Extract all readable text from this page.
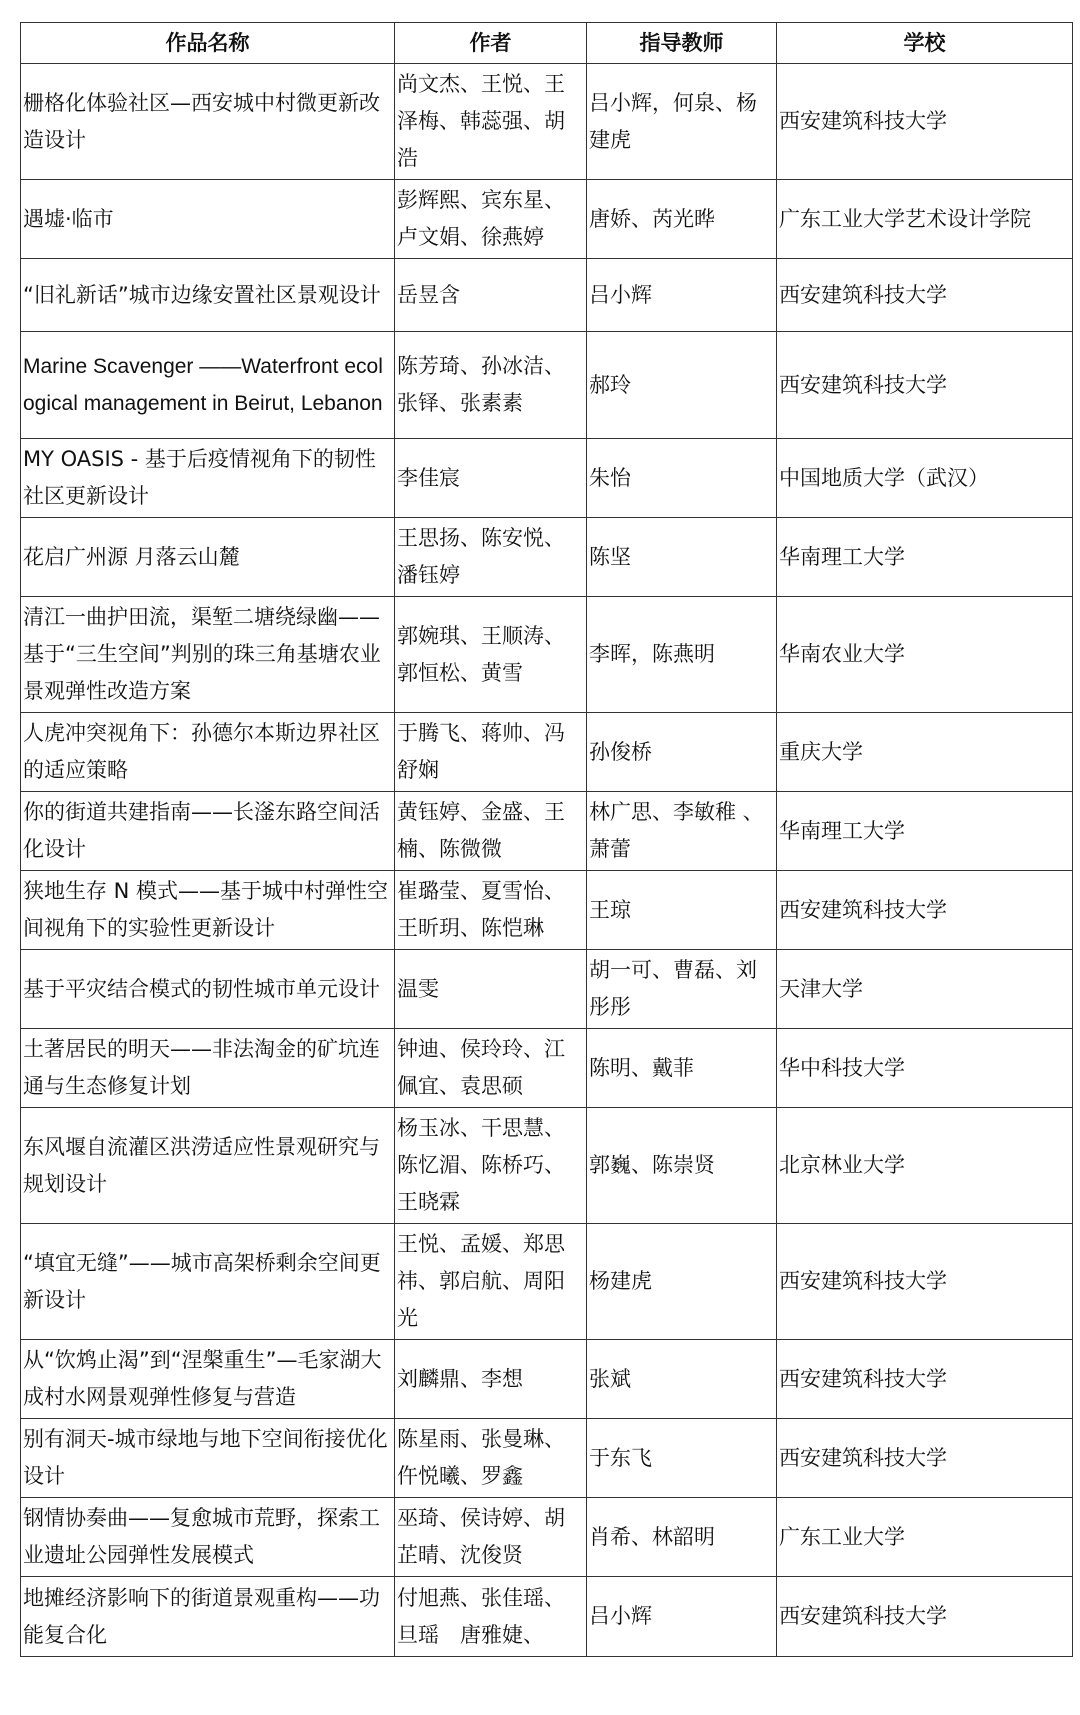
作品名称	作者	指导教师	学校
栅格化体验社区—西安城中村微更新改造设计	尚文杰、王悦、王泽梅、韩蕊强、胡浩	吕小辉，何泉、杨建虎	西安建筑科技大学
遇墟·临市	彭辉熙、宾东星、卢文娟、徐燕婷	唐娇、芮光晔	广东工业大学艺术设计学院
“旧礼新话”城市边缘安置社区景观设计	岳昱含	吕小辉	西安建筑科技大学
Marine Scavenger ——Waterfront ecological management in Beirut, Lebanon	陈芳琦、孙冰洁、张铎、张素素	郝玲	西安建筑科技大学
MY OASIS - 基于后疫情视角下的韧性社区更新设计	李佳宸	朱怡	中国地质大学（武汉）
花启广州源 月落云山麓	王思扬、陈安悦、潘钰婷	陈坚	华南理工大学
清江一曲护田流，渠堑二塘绕绿幽——基于“三生空间”判别的珠三角基塘农业景观弹性改造方案	郭婉琪、王顺涛、郭恒松、黄雪	李晖，陈燕明	华南农业大学
人虎冲突视角下：孙德尔本斯边界社区的适应策略	于腾飞、蒋帅、冯舒娴	孙俊桥	重庆大学
你的街道共建指南——长滏东路空间活化设计	黄钰婷、金盛、王楠、陈微微	林广思、李敏稚 、萧蕾	华南理工大学
狭地生存 N 模式——基于城中村弹性空间视角下的实验性更新设计	崔璐莹、夏雪怡、王昕玥、陈恺琳	王琼	西安建筑科技大学
基于平灾结合模式的韧性城市单元设计	温雯	胡一可、曹磊、刘彤彤	天津大学
土著居民的明天——非法淘金的矿坑连通与生态修复计划	钟迪、侯玲玲、江佩宜、袁思硕	陈明、戴菲	华中科技大学
东风堰自流灌区洪涝适应性景观研究与规划设计	杨玉冰、干思慧、陈忆湄、陈桥巧、王晓霖	郭巍、陈崇贤	北京林业大学
“填宜无缝”——城市高架桥剩余空间更新设计	王悦、孟媛、郑思祎、郭启航、周阳光	杨建虎	西安建筑科技大学
从“饮鸩止渴”到“涅槃重生”—毛家湖大成村水网景观弹性修复与营造	刘麟鼎、李想	张斌	西安建筑科技大学
别有洞天-城市绿地与地下空间衔接优化设计	陈星雨、张曼琳、仵悦曦、罗鑫	于东飞	西安建筑科技大学
钢情协奏曲——复愈城市荒野，探索工业遗址公园弹性发展模式	巫琦、侯诗婷、胡芷晴、沈俊贤	肖希、林韶明	广东工业大学
地摊经济影响下的街道景观重构——功能复合化	付旭燕、张佳瑶、旦瑶　唐雅婕、	吕小辉	西安建筑科技大学
